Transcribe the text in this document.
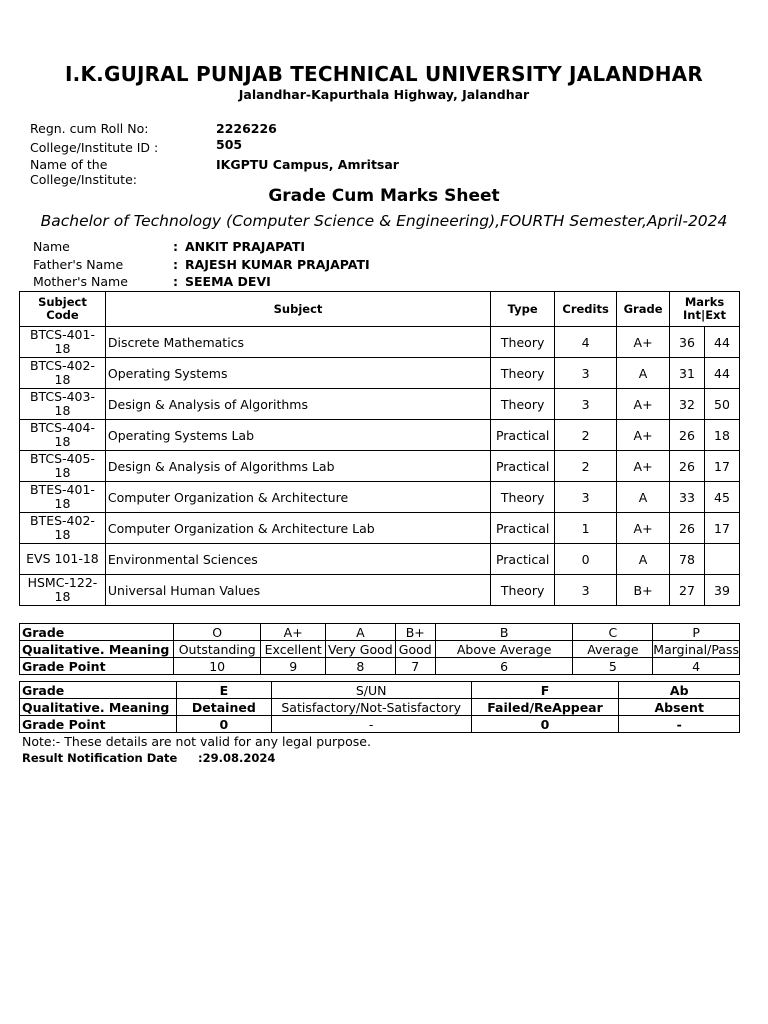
I.K.GUJRAL PUNJAB TECHNICAL UNIVERSITY JALANDHAR
Jalandhar-Kapurthala Highway, Jalandhar
Regn. cum Roll No:	2226226
College/Institute ID :	505
Name of the	IKGPTU Campus, Amritsar
College/Institute:
Grade Cum Marks Sheet
Bachelor of Technology (Computer Science & Engineering),FOURTH Semester,April-2024
Name	: ANKIT PRAJAPATI
Father's Name	: RAJESH KUMAR PRAJAPATI
Mother's Name	: SEEMA DEVI
Subject
Code	Subject	Type	Credits	Grade	Marks
Int|Ext	
BTCS-401-
18	Discrete Mathematics	Theory	4	A+	36	44
BTCS-402-
18	Operating Systems	Theory	3	A	31	44
BTCS-403-
18	Design & Analysis of Algorithms	Theory	3	A+	32	50
BTCS-404-
18	Operating Systems Lab	Practical	2	A+	26	18
BTCS-405-
18	Design & Analysis of Algorithms Lab	Practical	2	A+	26	17
BTES-401-
18	Computer Organization & Architecture	Theory	3	A	33	45
BTES-402-
18	Computer Organization & Architecture Lab	Practical	1	A+	26	17
EVS 101-18	Environmental Sciences	Practical	0	A	78	
HSMC-122-
18	Universal Human Values	Theory	3	B+	27	39
Grade	O	A+	A	B+	B	C	P
Qualitative. Meaning	Outstanding	Excellent	Very Good	Good	Above Average	Average	Marginal/Pass
Grade Point	10	9	8	7	6	5	4
Grade	E	S/UN	F	Ab
Qualitative. Meaning	Detained	Satisfactory/Not-Satisfactory	Failed/ReAppear	Absent
Grade Point	0	-	0	-
Note:- These details are not valid for any legal purpose.
Result Notification Date :29.08.2024
